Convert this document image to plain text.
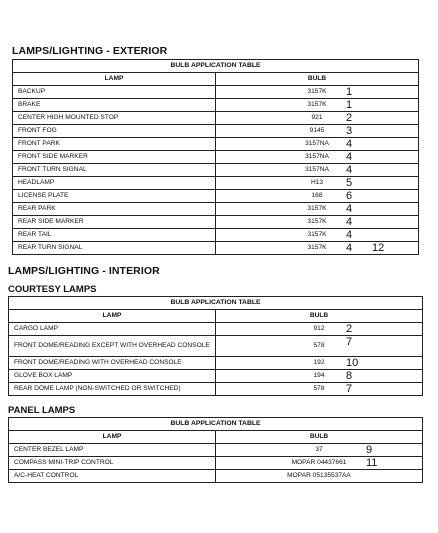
LAMPS/LIGHTING - EXTERIOR
BULB APPLICATION TABLE	
LAMP	BULB
BACKUP	3157K 1

BRAKE	3157K 1

CENTER HIGH MOUNTED STOP	921 2

FRONT FOG	9145 3

FRONT PARK	3157NA 4

FRONT SIDE MARKER	3157NA 4

FRONT TURN SIGNAL	3157NA 4

HEADLAMP	H13 5

LICENSE PLATE	168 6

REAR PARK	3157K 4

REAR SIDE MARKER	3157K 4

REAR TAIL	3157K 4

REAR TURN SIGNAL	3157K 4 12
LAMPS/LIGHTING - INTERIOR
COURTESY LAMPS
BULB APPLICATION TABLE	
LAMP	BULB
CARGO LAMP	912 2

FRONT DOME/READING EXCEPT WITH OVERHEAD CONSOLE	578 7

FRONT DOME/READING WITH OVERHEAD CONSOLE	192 10

GLOVE BOX LAMP	194 8

REAR DOME LAMP (NON-SWITCHED OR SWITCHED)	578 7
PANEL LAMPS
BULB APPLICATION TABLE	
LAMP	BULB
CENTER BEZEL LAMP	37 9

COMPASS MINI-TRIP CONTROL	MOPAR 04437661 11

A/C-HEAT CONTROL	MOPAR 05135537AA
